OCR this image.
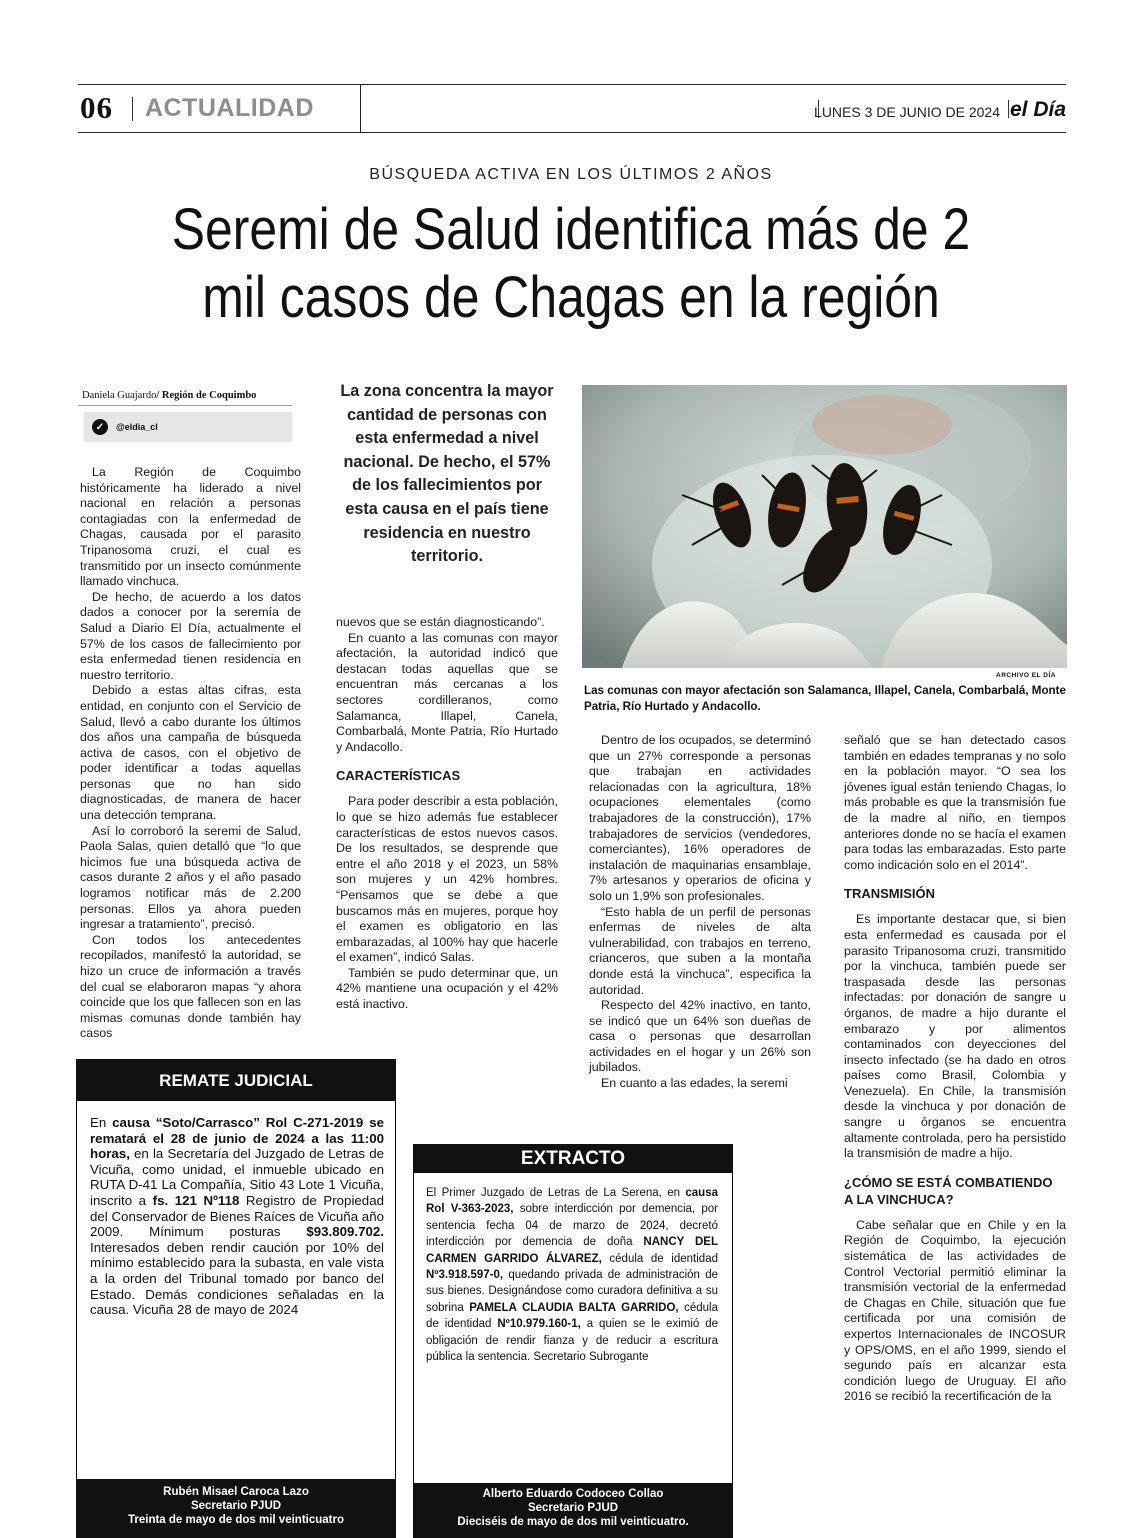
06 ACTUALIDAD	LUNES 3 DE JUNIO DE 2024 el Día
BÚSQUEDA ACTIVA EN LOS ÚLTIMOS 2 AÑOS
Seremi de Salud identifica más de 2
mil casos de Chagas en la región
Daniela Guajardo/ Región de Coquimbo
✓	@eldia_cl

La Región de Coquimbo históricamente ha liderado a nivel nacional en relación a personas contagiadas con la enfermedad de Chagas, causada por el parasito Tripanosoma cruzi, el cual es transmitido por un insecto comúnmente llamado vinchuca.

De hecho, de acuerdo a los datos dados a conocer por la seremía de Salud a Diario El Día, actualmente el 57% de los casos de fallecimiento por esta enfermedad tienen residencia en nuestro territorio.

Debido a estas altas cifras, esta entidad, en conjunto con el Servicio de Salud, llevó a cabo durante los últimos dos años una campaña de búsqueda activa de casos, con el objetivo de poder identificar a todas aquellas personas que no han sido diagnosticadas, de manera de hacer una detección temprana.

Así lo corroboró la seremi de Salud, Paola Salas, quien detalló que “lo que hicimos fue una búsqueda activa de casos durante 2 años y el año pasado logramos notificar más de 2.200 personas. Ellos ya ahora pueden ingresar a tratamiento”, precisó.

Con todos los antecedentes recopilados, manifestó la autoridad, se hizo un cruce de información a través del cual se elaboraron mapas “y ahora coincide que los que fallecen son en las mismas comunas donde también hay casos

La zona concentra la mayor cantidad de personas con esta enfermedad a nivel nacional. De hecho, el 57% de los fallecimientos por esta causa en el país tiene residencia en nuestro territorio.

nuevos que se están diagnosticando”.

En cuanto a las comunas con mayor afectación, la autoridad indicó que destacan todas aquellas que se encuentran más cercanas a los sectores cordilleranos, como Salamanca, Illapel, Canela, Combarbalá, Monte Patria, Río Hurtado y Andacollo.

CARACTERÍSTICAS

Para poder describir a esta población, lo que se hizo además fue establecer características de estos nuevos casos. De los resultados, se desprende que entre el año 2018 y el 2023, un 58% son mujeres y un 42% hombres. “Pensamos que se debe a que buscamos más en mujeres, porque hoy el examen es obligatorio en las embarazadas, al 100% hay que hacerle el examen”, indicó Salas.

También se pudo determinar que, un 42% mantiene una ocupación y el 42% está inactivo.

ARCHIVO EL DÍA
Las comunas con mayor afectación son Salamanca, Illapel, Canela, Combarbalá, Monte Patria, Río Hurtado y Andacollo.

Dentro de los ocupados, se determinó que un 27% corresponde a personas que trabajan en actividades relacionadas con la agricultura, 18% ocupaciones elementales (como trabajadores de la construcción), 17% trabajadores de servicios (vendedores, comerciantes), 16% operadores de instalación de maquinarias ensamblaje, 7% artesanos y operarios de oficina y solo un 1,9% son profesionales.

“Esto habla de un perfil de personas enfermas de niveles de alta vulnerabilidad, con trabajos en terreno, crianceros, que suben a la montaña donde está la vinchuca”, especifica la autoridad.

Respecto del 42% inactivo, en tanto, se indicó que un 64% son dueñas de casa o personas que desarrollan actividades en el hogar y un 26% son jubilados.

En cuanto a las edades, la seremi

señaló que se han detectado casos también en edades tempranas y no solo en la población mayor. “O sea los jóvenes igual están teniendo Chagas, lo más probable es que la transmisión fue de la madre al niño, en tiempos anteriores donde no se hacía el examen para todas las embarazadas. Esto parte como indicación solo en el 2014”.

TRANSMISIÓN

Es importante destacar que, si bien esta enfermedad es causada por el parasito Tripanosoma cruzi, transmitido por la vinchuca, también puede ser traspasada desde las personas infectadas: por donación de sangre u órganos, de madre a hijo durante el embarazo y por alimentos contaminados con deyecciones del insecto infectado (se ha dado en otros países como Brasil, Colombia y Venezuela). En Chile, la transmisión desde la vinchuca y por donación de sangre u órganos se encuentra altamente controlada, pero ha persistido la transmisión de madre a hijo.

¿CÓMO SE ESTÁ COMBATIENDO
A LA VINCHUCA?

Cabe señalar que en Chile y en la Región de Coquimbo, la ejecución sistemática de las actividades de Control Vectorial permitió eliminar la transmisión vectorial de la enfermedad de Chagas en Chile, situación que fue certificada por una comisión de expertos Internacionales de INCOSUR y OPS/OMS, en el año 1999, siendo el segundo país en alcanzar esta condición luego de Uruguay. El año 2016 se recibió la recertificación de la

REMATE JUDICIAL
En causa “Soto/Carrasco” Rol C-271-2019 se rematará el 28 de junio de 2024 a las 11:00 horas, en la Secretaría del Juzgado de Letras de Vicuña, como unidad, el inmueble ubicado en RUTA D-41 La Compañía, Sitio 43 Lote 1 Vicuña, inscrito a fs. 121 Nº118 Registro de Propiedad del Conservador de Bienes Raíces de Vicuña año 2009. Mínimum posturas $93.809.702. Interesados deben rendir caución por 10% del mínimo establecido para la subasta, en vale vista a la orden del Tribunal tomado por banco del Estado. Demás condiciones señaladas en la causa. Vicuña 28 de mayo de 2024
Rubén Misael Caroca Lazo
Secretario PJUD
Treinta de mayo de dos mil veinticuatro
EXTRACTO
El Primer Juzgado de Letras de La Serena, en causa Rol V-363-2023, sobre interdicción por demencia, por sentencia fecha 04 de marzo de 2024, decretó interdicción por demencia de doña NANCY DEL CARMEN GARRIDO ÁLVAREZ, cédula de identidad Nº3.918.597-0, quedando privada de administración de sus bienes. Designándose como curadora definitiva a su sobrina PAMELA CLAUDIA BALTA GARRIDO, cédula de identidad Nº10.979.160-1, a quien se le eximió de obligación de rendir fianza y de reducir a escritura pública la sentencia. Secretario Subrogante
Alberto Eduardo Codoceo Collao
Secretario PJUD
Dieciséis de mayo de dos mil veinticuatro.
